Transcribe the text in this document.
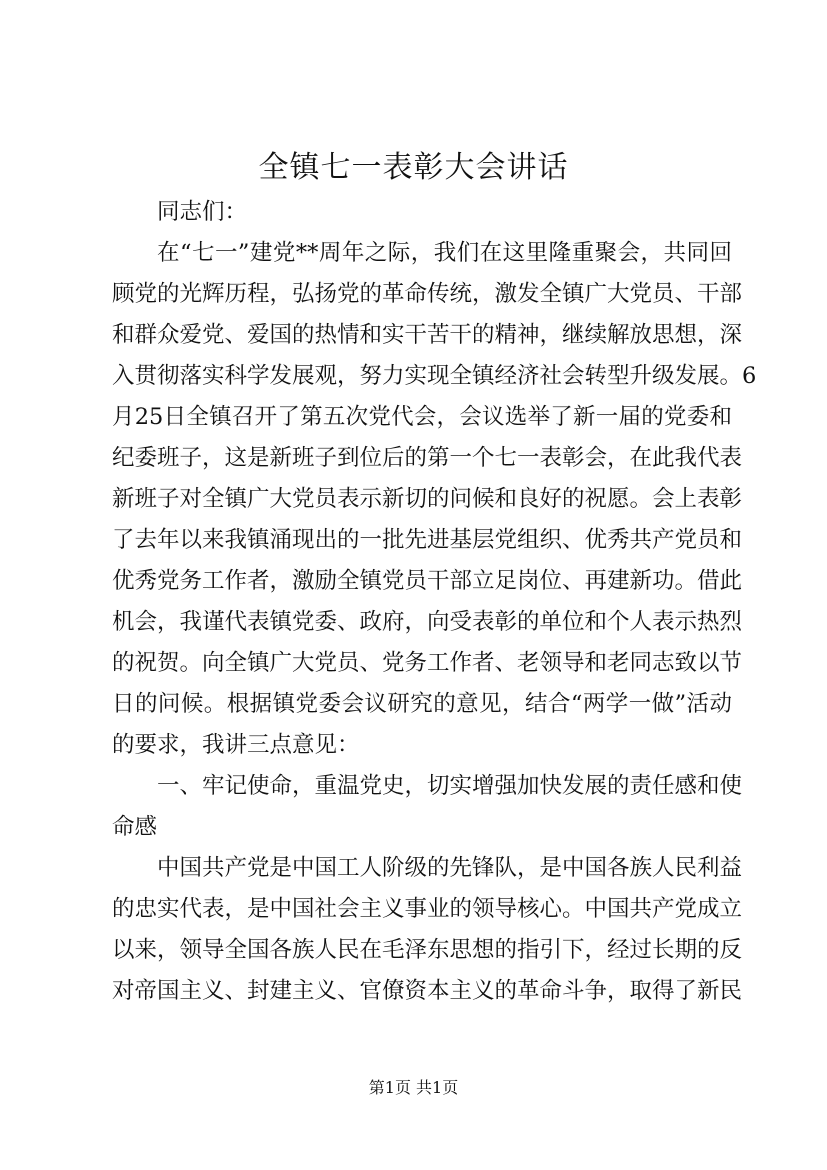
全镇七一表彰大会讲话

同志们：

在“七一”建党**周年之际，我们在这里隆重聚会，共同回

顾党的光辉历程，弘扬党的革命传统，激发全镇广大党员、干部

和群众爱党、爱国的热情和实干苦干的精神，继续解放思想，深

入贯彻落实科学发展观，努力实现全镇经济社会转型升级发展。6

月25日全镇召开了第五次党代会，会议选举了新一届的党委和

纪委班子，这是新班子到位后的第一个七一表彰会，在此我代表

新班子对全镇广大党员表示新切的问候和良好的祝愿。会上表彰

了去年以来我镇涌现出的一批先进基层党组织、优秀共产党员和

优秀党务工作者，激励全镇党员干部立足岗位、再建新功。借此

机会，我谨代表镇党委、政府，向受表彰的单位和个人表示热烈

的祝贺。向全镇广大党员、党务工作者、老领导和老同志致以节

日的问候。根据镇党委会议研究的意见，结合“两学一做”活动

的要求，我讲三点意见：

一、牢记使命，重温党史，切实增强加快发展的责任感和使

命感

中国共产党是中国工人阶级的先锋队，是中国各族人民利益

的忠实代表，是中国社会主义事业的领导核心。中国共产党成立

以来，领导全国各族人民在毛泽东思想的指引下，经过长期的反

对帝国主义、封建主义、官僚资本主义的革命斗争，取得了新民

第1页 共1页
